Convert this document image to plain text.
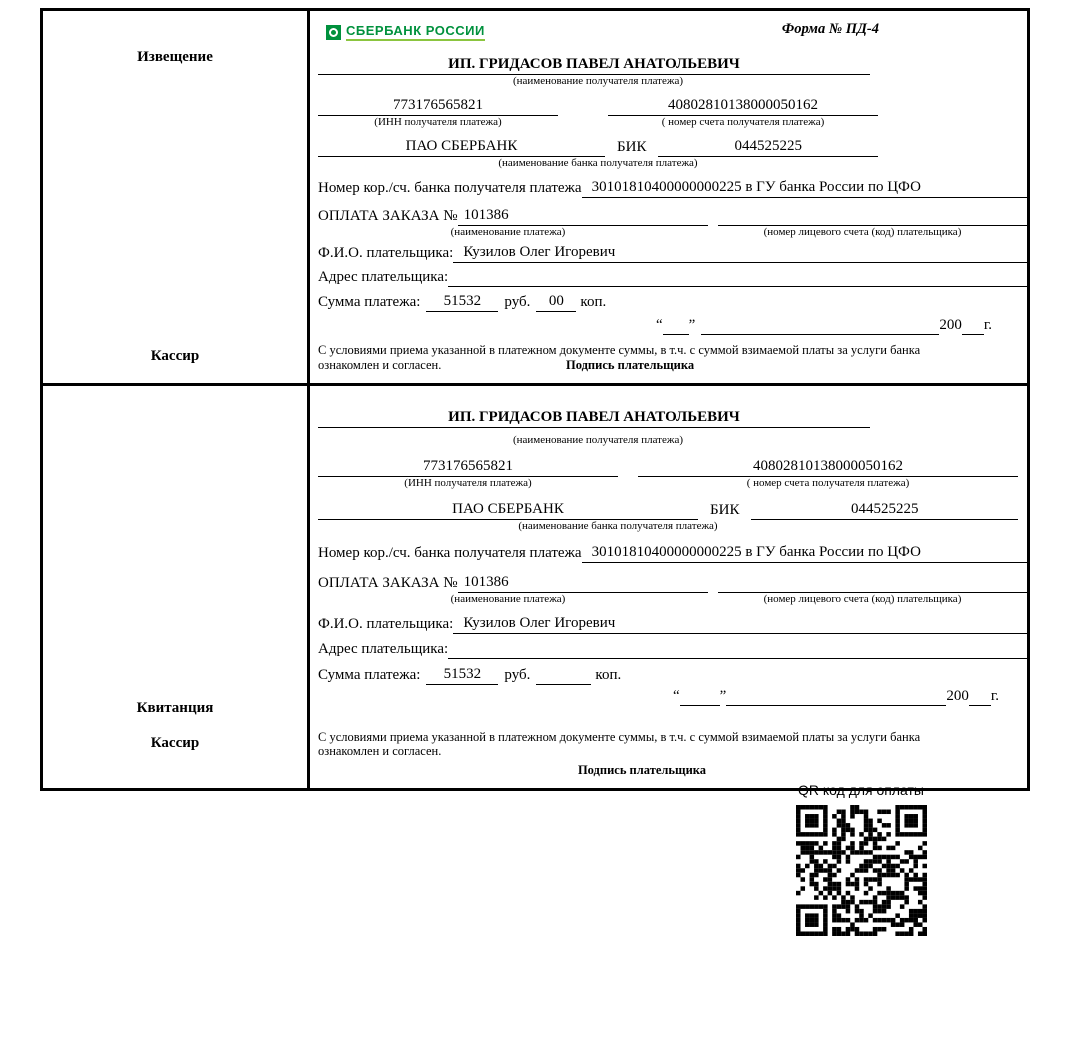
Извещение
Кассир
СБЕРБАНК РОССИИ	Форма № ПД-4
ИП. ГРИДАСОВ ПАВЕЛ АНАТОЛЬЕВИЧ
(наименование получателя платежа)
773176565821	40802810138000050162
(ИНН получателя платежа)	( номер счета получателя платежа)
ПАО СБЕРБАНК	БИК	044525225
(наименование банка получателя платежа)
Номер кор./сч. банка получателя платежа 30101810400000000225 в ГУ банка России по ЦФО
ОПЛАТА ЗАКАЗА № 101386
(наименование платежа)	(номер лицевого счета (код) плательщика)
Ф.И.О. плательщика: Кузилов Олег Игоревич
Адрес плательщика:
Сумма платежа:	51532	руб.	00	коп.
“ ”	200 г.
С условиями приема указанной в платежном документе суммы, в т.ч. с суммой взимаемой платы за услуги банка ознакомлен и согласен.	Подпись плательщика
Квитанция
Кассир
ИП. ГРИДАСОВ ПАВЕЛ АНАТОЛЬЕВИЧ
(наименование получателя платежа)
773176565821	40802810138000050162
(ИНН получателя платежа)	( номер счета получателя платежа)
ПАО СБЕРБАНК	БИК	044525225
(наименование банка получателя платежа)
Номер кор./сч. банка получателя платежа 30101810400000000225 в ГУ банка России по ЦФО
ОПЛАТА ЗАКАЗА № 101386
(наименование платежа)	(номер лицевого счета (код) плательщика)
Ф.И.О. плательщика: Кузилов Олег Игоревич
Адрес плательщика:
Сумма платежа:	51532	руб.	коп.
“	”	200 г.
С условиями приема указанной в платежном документе суммы, в т.ч. с суммой взимаемой платы за услуги банка ознакомлен и согласен.
Подпись плательщика
QR код для оплаты
